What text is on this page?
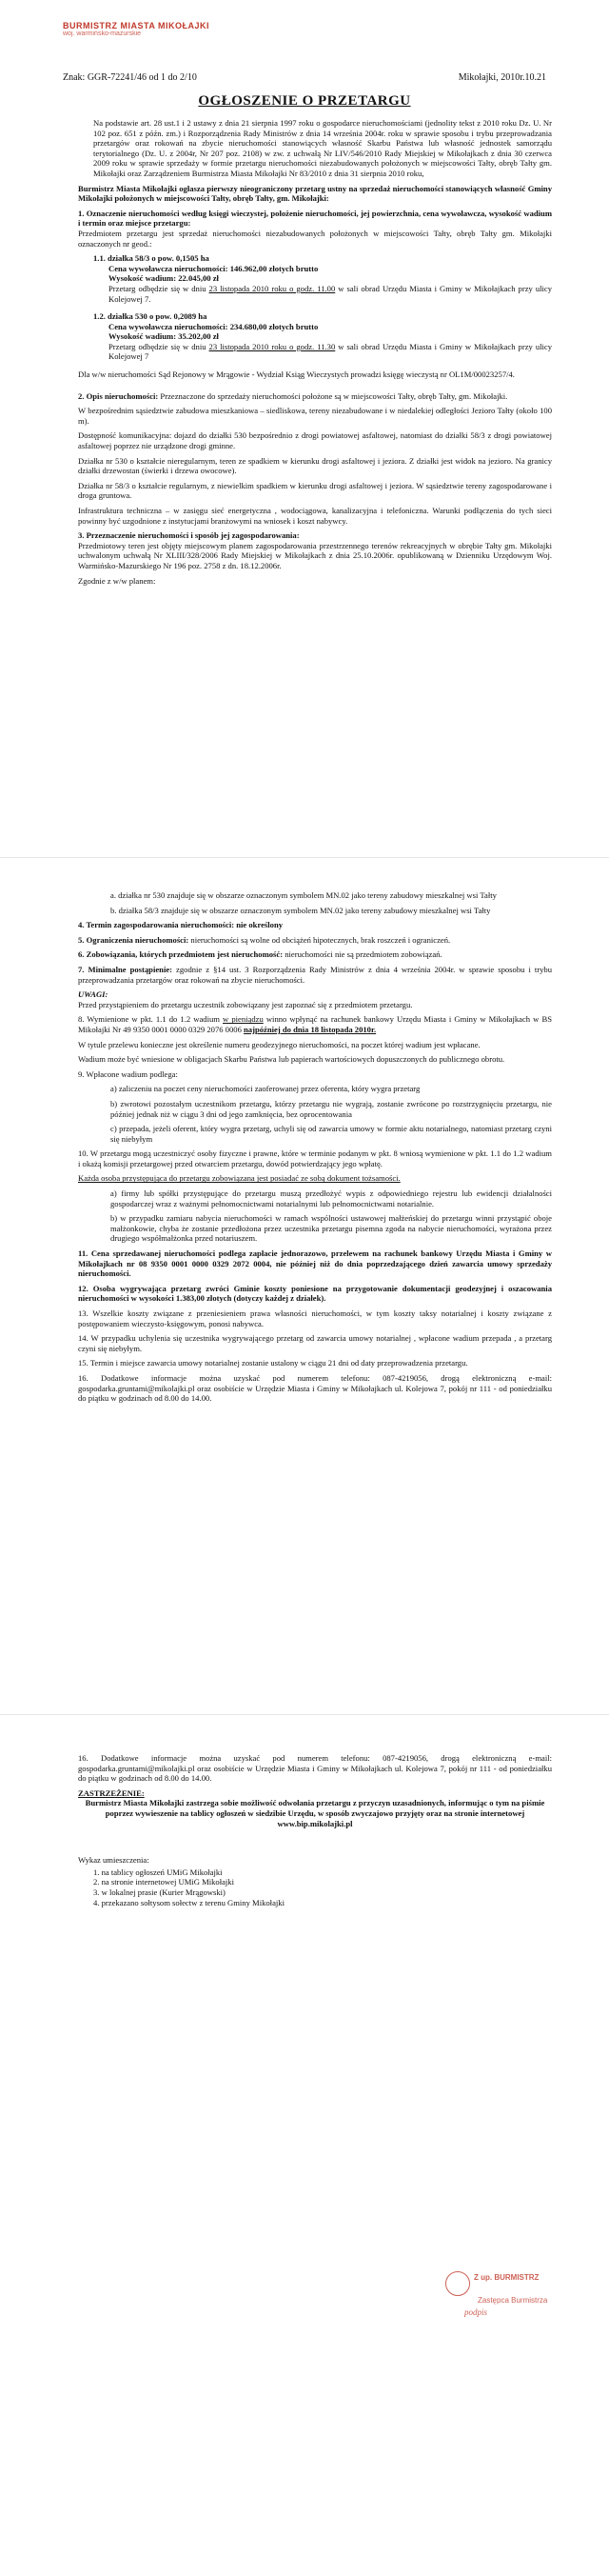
BURMISTRZ MIASTA MIKOŁAJKI
woj. warmińsko-mazurskie
Znak: GGR-72241/46 od 1 do 2/10	Mikołajki, 2010r.10.21
OGŁOSZENIE O PRZETARGU

Na podstawie art. 28 ust.1 i 2 ustawy z dnia 21 sierpnia 1997 roku o gospodarce nieruchomościami (jednolity tekst z 2010 roku Dz. U. Nr 102 poz. 651 z późn. zm.) i Rozporządzenia Rady Ministrów z dnia 14 września 2004r. roku w sprawie sposobu i trybu przeprowadzania przetargów oraz rokowań na zbycie nieruchomości stanowiących własność Skarbu Państwa lub własność jednostek samorządu terytorialnego (Dz. U. z 2004r, Nr 207 poz. 2108) w zw. z uchwałą Nr LIV/546/2010 Rady Miejskiej w Mikołajkach z dnia 30 czerwca 2009 roku w sprawie sprzedaży w formie przetargu nieruchomości niezabudowanych położonych w miejscowości Tałty, obręb Tałty gm. Mikołajki oraz Zarządzeniem Burmistrza Miasta Mikołajki Nr 83/2010 z dnia 31 sierpnia 2010 roku,

Burmistrz Miasta Mikołajki ogłasza pierwszy nieograniczony przetarg ustny na sprzedaż nieruchomości stanowiących własność Gminy Mikołajki położonych w miejscowości Tałty, obręb Tałty, gm. Mikołajki:

1. Oznaczenie nieruchomości według księgi wieczystej, położenie nieruchomości, jej powierzchnia, cena wywoławcza, wysokość wadium i termin oraz miejsce przetargu:

Przedmiotem przetargu jest sprzedaż nieruchomości niezabudowanych położonych w miejscowości Tałty, obręb Tałty gm. Mikołajki oznaczonych nr geod.:

1.1. działka 58/3 o pow. 0,1505 ha
Cena wywoławcza nieruchomości: 146.962,00 złotych brutto
Wysokość wadium: 22.045,00 zł

Przetarg odbędzie się w dniu 23 listopada 2010 roku o godz. 11.00 w sali obrad Urzędu Miasta i Gminy w Mikołajkach przy ulicy Kolejowej 7.

1.2. działka 530 o pow. 0,2089 ha
Cena wywoławcza nieruchomości: 234.680,00 złotych brutto
Wysokość wadium: 35.202,00 zł

Przetarg odbędzie się w dniu 23 listopada 2010 roku o godz. 11.30 w sali obrad Urzędu Miasta i Gminy w Mikołajkach przy ulicy Kolejowej 7

Dla w/w nieruchomości Sąd Rejonowy w Mrągowie - Wydział Ksiąg Wieczystych prowadzi księgę wieczystą nr OL1M/00023257/4.

2. Opis nieruchomości: Przeznaczone do sprzedaży nieruchomości położone są w miejscowości Tałty, obręb Tałty, gm. Mikołajki.

W bezpośrednim sąsiedztwie zabudowa mieszkaniowa – siedliskowa, tereny niezabudowane i w niedalekiej odległości Jezioro Tałty (około 100 m).

Dostępność komunikacyjna: dojazd do działki 530 bezpośrednio z drogi powiatowej asfaltowej, natomiast do działki 58/3 z drogi powiatowej asfaltowej poprzez nie urządzone drogi gminne.

Działka nr 530 o kształcie nieregularnym, teren ze spadkiem w kierunku drogi asfaltowej i jeziora. Z działki jest widok na jezioro. Na granicy działki drzewostan (świerki i drzewa owocowe).

Działka nr 58/3 o kształcie regularnym, z niewielkim spadkiem w kierunku drogi asfaltowej i jeziora. W sąsiedztwie tereny zagospodarowane i droga gruntowa.

Infrastruktura techniczna – w zasięgu sieć energetyczna , wodociągowa, kanalizacyjna i telefoniczna. Warunki podłączenia do tych sieci powinny być uzgodnione z instytucjami branżowymi na wniosek i koszt nabywcy.

3. Przeznaczenie nieruchomości i sposób jej zagospodarowania:

Przedmiotowy teren jest objęty miejscowym planem zagospodarowania przestrzennego terenów rekreacyjnych w obrębie Tałty gm. Mikołajki uchwalonym uchwałą Nr XLIII/328/2006 Rady Miejskiej w Mikołajkach z dnia 25.10.2006r. opublikowaną w Dzienniku Urzędowym Woj. Warmińsko-Mazurskiego Nr 196 poz. 2758 z dn. 18.12.2006r.

Zgodnie z w/w planem:

a. działka nr 530 znajduje się w obszarze oznaczonym symbolem MN.02 jako tereny zabudowy mieszkalnej wsi Tałty

b. działka 58/3 znajduje się w obszarze oznaczonym symbolem MN.02 jako tereny zabudowy mieszkalnej wsi Tałty

4. Termin zagospodarowania nieruchomości: nie określony

5. Ograniczenia nieruchomości: nieruchomości są wolne od obciążeń hipotecznych, brak roszczeń i ograniczeń.

6. Zobowiązania, których przedmiotem jest nieruchomość: nieruchomości nie są przedmiotem zobowiązań.

7. Minimalne postąpienie: zgodnie z §14 ust. 3 Rozporządzenia Rady Ministrów z dnia 4 września 2004r. w sprawie sposobu i trybu przeprowadzania przetargów oraz rokowań na zbycie nieruchomości.

UWAGI:

Przed przystąpieniem do przetargu uczestnik zobowiązany jest zapoznać się z przedmiotem przetargu.

8. Wymienione w pkt. 1.1 do 1.2 wadium w pieniądzu winno wpłynąć na rachunek bankowy Urzędu Miasta i Gminy w Mikołajkach w BS Mikołajki Nr 49 9350 0001 0000 0329 2076 0006 najpóźniej do dnia 18 listopada 2010r.

W tytule przelewu konieczne jest określenie numeru geodezyjnego nieruchomości, na poczet której wadium jest wpłacane.

Wadium może być wniesione w obligacjach Skarbu Państwa lub papierach wartościowych dopuszczonych do publicznego obrotu.

9. Wpłacone wadium podlega:

a) zaliczeniu na poczet ceny nieruchomości zaoferowanej przez oferenta, który wygra przetarg

b) zwrotowi pozostałym uczestnikom przetargu, którzy przetargu nie wygrają, zostanie zwrócone po rozstrzygnięciu przetargu, nie później jednak niż w ciągu 3 dni od jego zamknięcia, bez oprocentowania

c) przepada, jeżeli oferent, który wygra przetarg, uchyli się od zawarcia umowy w formie aktu notarialnego, natomiast przetarg czyni się niebyłym

10. W przetargu mogą uczestniczyć osoby fizyczne i prawne, które w terminie podanym w pkt. 8 wniosą wymienione w pkt. 1.1 do 1.2 wadium i okażą komisji przetargowej przed otwarciem przetargu, dowód potwierdzający jego wpłatę.

Każda osoba przystępująca do przetargu zobowiązana jest posiadać ze sobą dokument tożsamości.

a) firmy lub spółki przystępujące do przetargu muszą przedłożyć wypis z odpowiedniego rejestru lub ewidencji działalności gospodarczej wraz z ważnymi pełnomocnictwami notarialnymi lub pełnomocnictwami notarialnie.

b) w przypadku zamiaru nabycia nieruchomości w ramach wspólności ustawowej małżeńskiej do przetargu winni przystąpić oboje małżonkowie, chyba że zostanie przedłożona przez uczestnika przetargu pisemna zgoda na nabycie nieruchomości, wyrażona przez drugiego współmałżonka przed notariuszem.

11. Cena sprzedawanej nieruchomości podlega zapłacie jednorazowo, przelewem na rachunek bankowy Urzędu Miasta i Gminy w Mikołajkach nr 08 9350 0001 0000 0329 2072 0004, nie później niż do dnia poprzedzającego dzień zawarcia umowy sprzedaży nieruchomości.

12. Osoba wygrywająca przetarg zwróci Gminie koszty poniesione na przygotowanie dokumentacji geodezyjnej i oszacowania nieruchomości w wysokości 1.383,00 złotych (dotyczy każdej z działek).

13. Wszelkie koszty związane z przeniesieniem prawa własności nieruchomości, w tym koszty taksy notarialnej i koszty związane z postępowaniem wieczysto-księgowym, ponosi nabywca.

14. W przypadku uchylenia się uczestnika wygrywającego przetarg od zawarcia umowy notarialnej , wpłacone wadium przepada , a przetarg czyni się niebyłym.

15. Termin i miejsce zawarcia umowy notarialnej zostanie ustalony w ciągu 21 dni od daty przeprowadzenia przetargu.

16. Dodatkowe informacje można uzyskać pod numerem telefonu: 087-4219056, drogą elektroniczną e-mail: gospodarka.gruntami@mikolajki.pl oraz osobiście w Urzędzie Miasta i Gminy w Mikołajkach ul. Kolejowa 7, pokój nr 111 - od poniedziałku do piątku w godzinach od 8.00 do 14.00.

16. Dodatkowe informacje można uzyskać pod numerem telefonu: 087-4219056, drogą elektroniczną e-mail: gospodarka.gruntami@mikolajki.pl oraz osobiście w Urzędzie Miasta i Gminy w Mikołajkach ul. Kolejowa 7, pokój nr 111 - od poniedziałku do piątku w godzinach od 8.00 do 14.00.

ZASTRZEŻENIE:

Burmistrz Miasta Mikołajki zastrzega sobie możliwość odwołania przetargu z przyczyn uzasadnionych, informując o tym na piśmie poprzez wywieszenie na tablicy ogłoszeń w siedzibie Urzędu, w sposób zwyczajowo przyjęty oraz na stronie internetowej www.bip.mikolajki.pl

Wykaz umieszczenia:

1. na tablicy ogłoszeń UMiG Mikołajki
2. na stronie internetowej UMiG Mikołajki
3. w lokalnej prasie (Kurier Mrągowski)
4. przekazano sołtysom sołectw z terenu Gminy Mikołajki
Z up. BURMISTRZ
Zastępca Burmistrza
podpis
